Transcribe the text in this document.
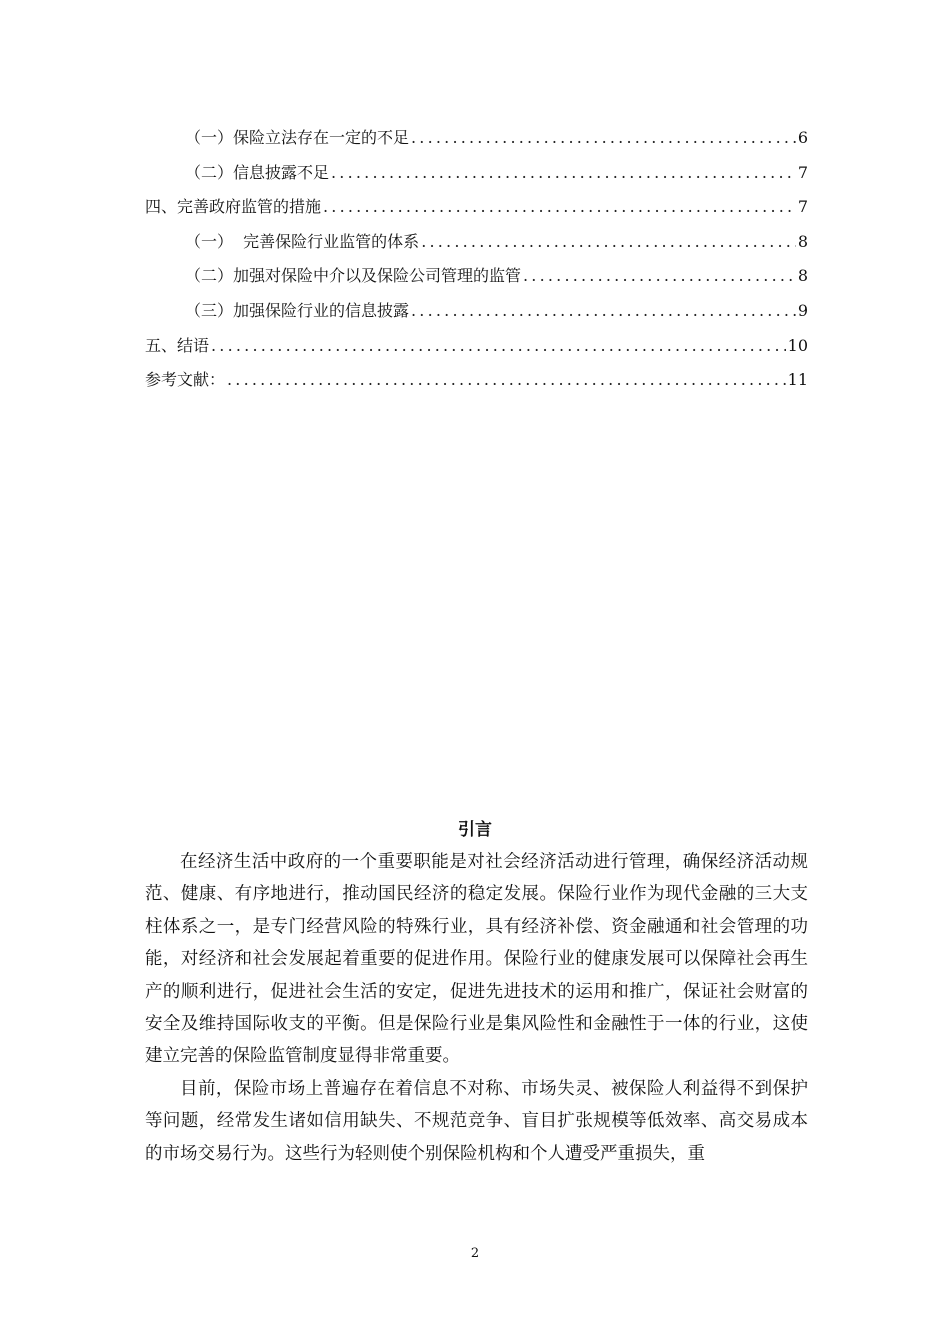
（一）保险立法存在一定的不足 .....	6
（二）信息披露不足 .....	7
四、完善政府监管的措施 .....	7
（一）  完善保险行业监管的体系 .....	8
（二）加强对保险中介以及保险公司管理的监管 .....	8
（三）加强保险行业的信息披露 .....	9
五、结语 .....	10
参考文献： .....	11
引言

在经济生活中政府的一个重要职能是对社会经济活动进行管理，确保经济活动规范、健康、有序地进行，推动国民经济的稳定发展。保险行业作为现代金融的三大支柱体系之一，是专门经营风险的特殊行业，具有经济补偿、资金融通和社会管理的功能，对经济和社会发展起着重要的促进作用。保险行业的健康发展可以保障社会再生产的顺利进行，促进社会生活的安定，促进先进技术的运用和推广，保证社会财富的安全及维持国际收支的平衡。但是保险行业是集风险性和金融性于一体的行业，这使建立完善的保险监管制度显得非常重要。

目前，保险市场上普遍存在着信息不对称、市场失灵、被保险人利益得不到保护等问题，经常发生诸如信用缺失、不规范竞争、盲目扩张规模等低效率、高交易成本的市场交易行为。这些行为轻则使个别保险机构和个人遭受严重损失，重

2
